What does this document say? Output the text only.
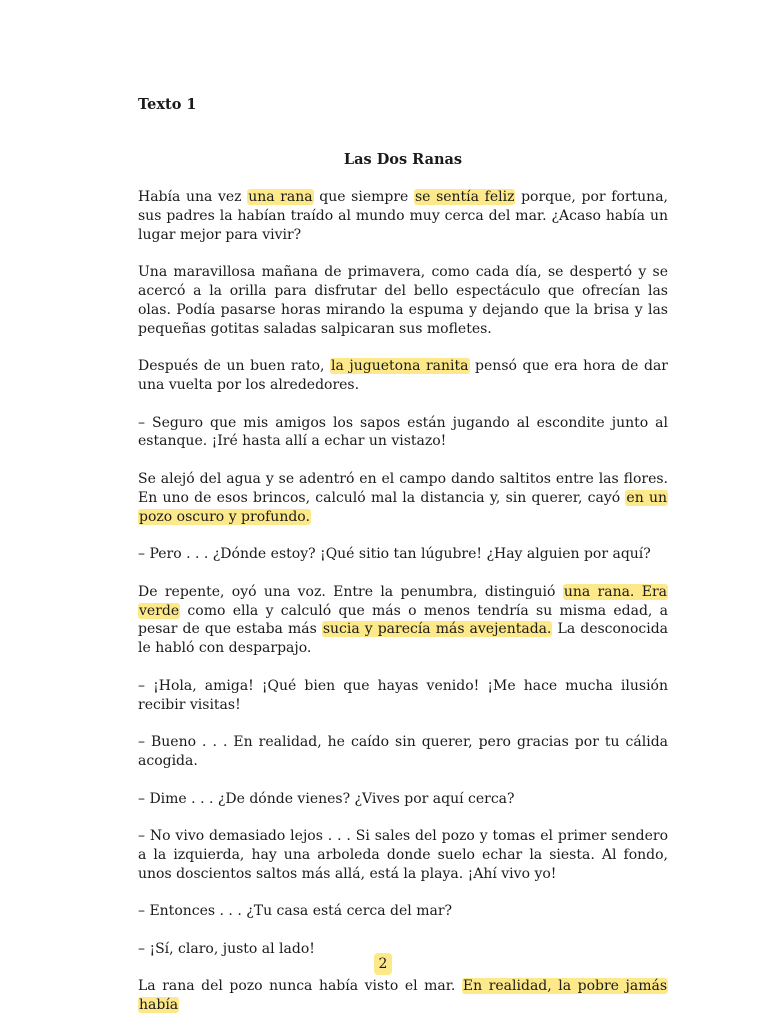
Texto 1
Las Dos Ranas

Había una vez una rana que siempre se sentía feliz porque, por fortuna, sus padres la habían traído al mundo muy cerca del mar. ¿Acaso había un lugar mejor para vivir?

Una maravillosa mañana de primavera, como cada día, se despertó y se acercó a la orilla para disfrutar del bello espectáculo que ofrecían las olas. Podía pasarse horas mirando la espuma y dejando que la brisa y las pequeñas gotitas saladas salpicaran sus mofletes.

Después de un buen rato, la juguetona ranita pensó que era hora de dar una vuelta por los alrededores.

– Seguro que mis amigos los sapos están jugando al escondite junto al estanque. ¡Iré hasta allí a echar un vistazo!

Se alejó del agua y se adentró en el campo dando saltitos entre las flores. En uno de esos brincos, calculó mal la distancia y, sin querer, cayó en un pozo oscuro y profundo.

– Pero . . . ¿Dónde estoy? ¡Qué sitio tan lúgubre! ¿Hay alguien por aquí?

De repente, oyó una voz. Entre la penumbra, distinguió una rana. Era verde como ella y calculó que más o menos tendría su misma edad, a pesar de que estaba más sucia y parecía más avejentada. La desconocida le habló con desparpajo.

– ¡Hola, amiga! ¡Qué bien que hayas venido! ¡Me hace mucha ilusión recibir visitas!

– Bueno . . . En realidad, he caído sin querer, pero gracias por tu cálida acogida.

– Dime . . . ¿De dónde vienes? ¿Vives por aquí cerca?

– No vivo demasiado lejos . . . Si sales del pozo y tomas el primer sendero a la izquierda, hay una arboleda donde suelo echar la siesta. Al fondo, unos doscientos saltos más allá, está la playa. ¡Ahí vivo yo!

– Entonces . . . ¿Tu casa está cerca del mar?

– ¡Sí, claro, justo al lado!

La rana del pozo nunca había visto el mar. En realidad, la pobre jamás había

2
